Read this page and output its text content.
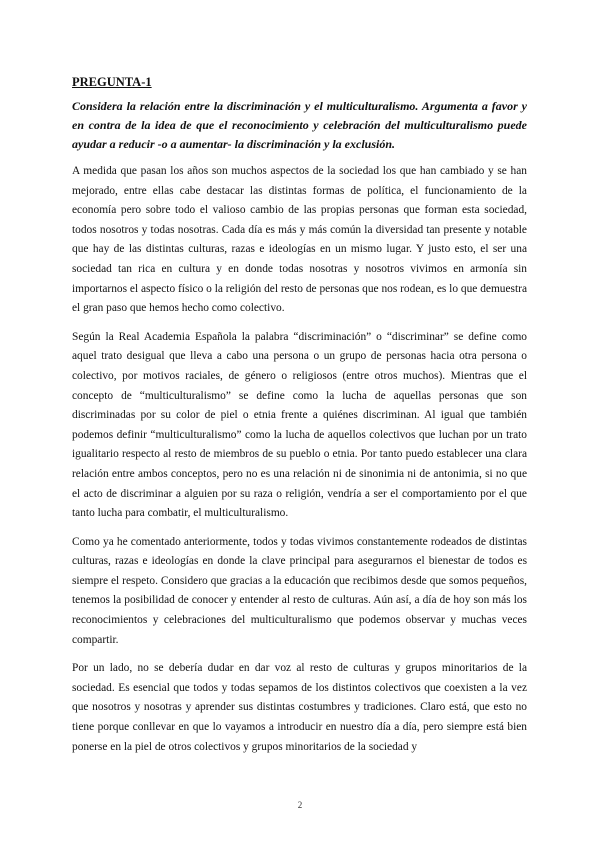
PREGUNTA-1

Considera la relación entre la discriminación y el multiculturalismo. Argumenta a favor y en contra de la idea de que el reconocimiento y celebración del multiculturalismo puede ayudar a reducir -o a aumentar- la discriminación y la exclusión.

A medida que pasan los años son muchos aspectos de la sociedad los que han cambiado y se han mejorado, entre ellas cabe destacar las distintas formas de política, el funcionamiento de la economía pero sobre todo el valioso cambio de las propias personas que forman esta sociedad, todos nosotros y todas nosotras. Cada día es más y más común la diversidad tan presente y notable que hay de las distintas culturas, razas e ideologías en un mismo lugar. Y justo esto, el ser una sociedad tan rica en cultura y en donde todas nosotras y nosotros vivimos en armonía sin importarnos el aspecto físico o la religión del resto de personas que nos rodean, es lo que demuestra el gran paso que hemos hecho como colectivo.

Según la Real Academia Española la palabra “discriminación” o “discriminar” se define como aquel trato desigual que lleva a cabo una persona o un grupo de personas hacia otra persona o colectivo, por motivos raciales, de género o religiosos (entre otros muchos). Mientras que el concepto de “multiculturalismo” se define como la lucha de aquellas personas que son discriminadas por su color de piel o etnia frente a quiénes discriminan. Al igual que también podemos definir “multiculturalismo” como la lucha de aquellos colectivos que luchan por un trato igualitario respecto al resto de miembros de su pueblo o etnia. Por tanto puedo establecer una clara relación entre ambos conceptos, pero no es una relación ni de sinonimia ni de antonimia, si no que el acto de discriminar a alguien por su raza o religión, vendría a ser el comportamiento por el que tanto lucha para combatir, el multiculturalismo.

Como ya he comentado anteriormente, todos y todas vivimos constantemente rodeados de distintas culturas, razas e ideologías en donde la clave principal para asegurarnos el bienestar de todos es siempre el respeto. Considero que gracias a la educación que recibimos desde que somos pequeños, tenemos la posibilidad de conocer y entender al resto de culturas. Aún así, a día de hoy son más los reconocimientos y celebraciones del multiculturalismo que podemos observar y muchas veces compartir.

Por un lado, no se debería dudar en dar voz al resto de culturas y grupos minoritarios de la sociedad. Es esencial que todos y todas sepamos de los distintos colectivos que coexisten a la vez que nosotros y nosotras y aprender sus distintas costumbres y tradiciones. Claro está, que esto no tiene porque conllevar en que lo vayamos a introducir en nuestro día a día, pero siempre está bien ponerse en la piel de otros colectivos y grupos minoritarios de la sociedad y

2
